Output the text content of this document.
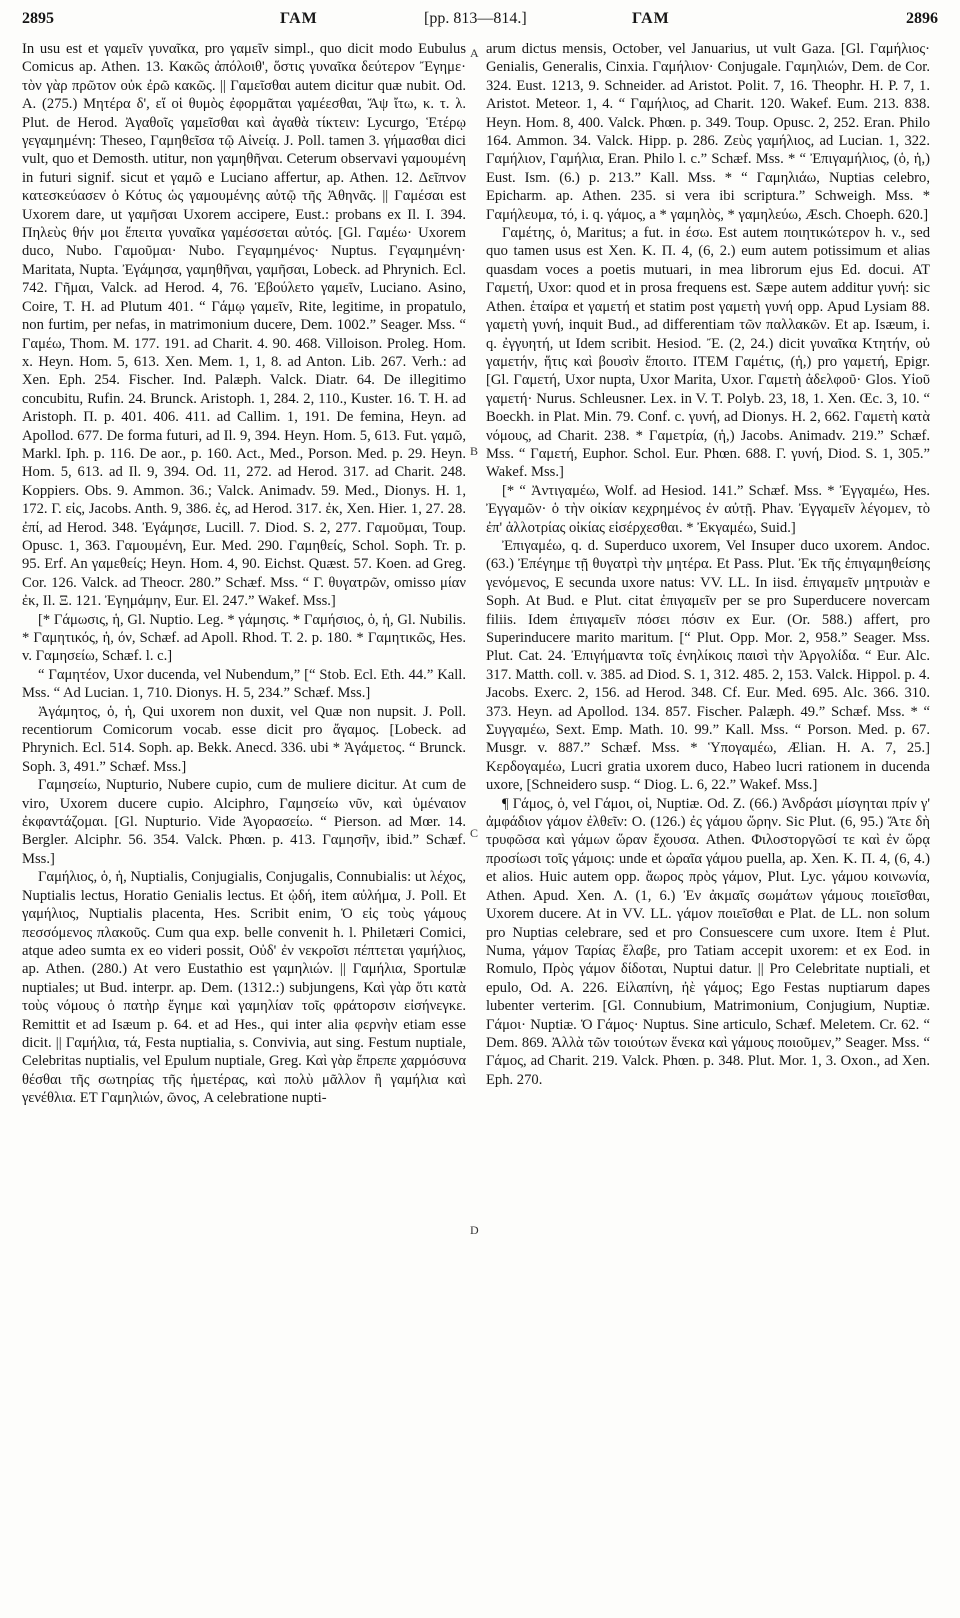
2895	ΓΑΜ	[pp. 813—814.]	ΓΑΜ	2896

In usu est et γαμεῖν γυναῖκα, pro γαμεῖν simpl., quo dicit modo Eubulus Comicus ap. Athen. 13. Κακῶς ἀπόλοιθ', ὅστις γυναῖκα δεύτερον Ἔγημε· τὸν γὰρ πρῶτον οὐκ ἐρῶ κακῶς. || Γαμεῖσθαι autem dicitur quæ nubit. Od. A. (275.) Μητέρα δ', εἴ οἱ θυμὸς ἐφορμᾶται γαμέεσθαι, Ἄψ ἴτω, κ. τ. λ. Plut. de Herod. Ἀγαθοῖς γαμεῖσθαι καὶ ἀγαθὰ τίκτειν: Lycurgo, Ἑτέρῳ γεγαμημένη: Theseo, Γαμηθεῖσα τῷ Αἰνείᾳ. J. Poll. tamen 3. γήμασθαι dici vult, quo et Demosth. utitur, non γαμηθῆναι. Ceterum observavi γαμουμένη in futuri signif. sicut et γαμῶ e Luciano affertur, ap. Athen. 12. Δεῖπνον κατεσκεύασεν ὁ Κότυς ὡς γαμουμένης αὐτῷ τῆς Ἀθηνᾶς. || Γαμέσαι est Uxorem dare, ut γαμῆσαι Uxorem accipere, Eust.: probans ex Il. I. 394. Πηλεὺς θήν μοι ἔπειτα γυναῖκα γαμέσσεται αὐτός. [Gl. Γαμέω· Uxorem duco, Nubo. Γαμοῦμαι· Nubo. Γεγαμημένος· Nuptus. Γεγαμημένη· Maritata, Nupta. Ἐγάμησα, γαμηθῆναι, γαμῆσαι, Lobeck. ad Phrynich. Ecl. 742. Γῆμαι, Valck. ad Herod. 4, 76. Ἐβούλετο γαμεῖν, Luciano. Asino, Coire, T. H. ad Plutum 401. “ Γάμῳ γαμεῖν, Rite, legitime, in propatulo, non furtim, per nefas, in matrimonium ducere, Dem. 1002.” Seager. Mss. “ Γαμέω, Thom. M. 177. 191. ad Charit. 4. 90. 468. Villoison. Proleg. Hom. x. Heyn. Hom. 5, 613. Xen. Mem. 1, 1, 8. ad Anton. Lib. 267. Verh.: ad Xen. Eph. 254. Fischer. Ind. Palæph. Valck. Diatr. 64. De illegitimo concubitu, Rufin. 24. Brunck. Aristoph. 1, 284. 2, 110., Kuster. 16. T. H. ad Aristoph. Π. p. 401. 406. 411. ad Callim. 1, 191. De femina, Heyn. ad Apollod. 677. De forma futuri, ad Il. 9, 394. Heyn. Hom. 5, 613. Fut. γαμῶ, Markl. Iph. p. 116. De aor., p. 160. Act., Med., Porson. Med. p. 29. Heyn. Hom. 5, 613. ad Il. 9, 394. Od. 11, 272. ad Herod. 317. ad Charit. 248. Koppiers. Obs. 9. Ammon. 36.; Valck. Animadv. 59. Med., Dionys. H. 1, 172. Γ. εἰς, Jacobs. Anth. 9, 386. ἐς, ad Herod. 317. ἐκ, Xen. Hier. 1, 27. 28. ἐπί, ad Herod. 348. Ἐγάμησε, Lucill. 7. Diod. S. 2, 277. Γαμοῦμαι, Toup. Opusc. 1, 363. Γαμουμένη, Eur. Med. 290. Γαμηθείς, Schol. Soph. Tr. p. 95. Erf. An γαμεθείς; Heyn. Hom. 4, 90. Eichst. Quæst. 57. Koen. ad Greg. Cor. 126. Valck. ad Theocr. 280.” Schæf. Mss. “ Γ. θυγατρῶν, omisso μίαν ἐκ, Il. Ξ. 121. Ἐγημάμην, Eur. El. 247.” Wakef. Mss.]

[* Γάμωσις, ἡ, Gl. Nuptio. Leg. * γάμησις. * Γαμήσιος, ὁ, ἡ, Gl. Nubilis. * Γαμητικός, ἡ, όν, Schæf. ad Apoll. Rhod. T. 2. p. 180. * Γαμητικῶς, Hes. v. Γαμησείω, Schæf. l. c.]

“ Γαμητέον, Uxor ducenda, vel Nubendum,” [“ Stob. Ecl. Eth. 44.” Kall. Mss. “ Ad Lucian. 1, 710. Dionys. H. 5, 234.” Schæf. Mss.]

Ἀγάμητος, ὁ, ἡ, Qui uxorem non duxit, vel Quæ non nupsit. J. Poll. recentiorum Comicorum vocab. esse dicit pro ἄγαμος. [Lobeck. ad Phrynich. Ecl. 514. Soph. ap. Bekk. Anecd. 336. ubi * Ἀγάμετος. “ Brunck. Soph. 3, 491.” Schæf. Mss.]

Γαμησείω, Nupturio, Nubere cupio, cum de muliere dicitur. At cum de viro, Uxorem ducere cupio. Alciphro, Γαμησείω νῦν, καὶ ὑμέναιον ἐκφαντάζομαι. [Gl. Nupturio. Vide Ἀγορασείω. “ Pierson. ad Mœr. 14. Bergler. Alciphr. 56. 354. Valck. Phœn. p. 413. Γαμησῆν, ibid.” Schæf. Mss.]

Γαμήλιος, ὁ, ἡ, Nuptialis, Conjugialis, Conjugalis, Connubialis: ut λέχος, Nuptialis lectus, Horatio Genialis lectus. Et ᾠδή, item αὐλήμα, J. Poll. Et γαμήλιος, Nuptialis placenta, Hes. Scribit enim, Ὁ εἰς τοὺς γάμους πεσσόμενος πλακοῦς. Cum qua exp. belle convenit h. l. Philetæri Comici, atque adeo sumta ex eo videri possit, Οὐδ' ἐν νεκροῖσι πέπτεται γαμήλιος, ap. Athen. (280.) At vero Eustathio est γαμηλιών. || Γαμήλια, Sportulæ nuptiales; ut Bud. interpr. ap. Dem. (1312.:) subjungens, Καὶ γὰρ ὅτι κατὰ τοὺς νόμους ὁ πατὴρ ἔγημε καὶ γαμηλίαν τοῖς φράτορσιν εἰσήνεγκε. Remittit et ad Isæum p. 64. et ad Hes., qui inter alia φερνὴν etiam esse dicit. || Γαμήλια, τά, Festa nuptialia, s. Convivia, aut sing. Festum nuptiale, Celebritas nuptialis, vel Epulum nuptiale, Greg. Καὶ γὰρ ἔπρεπε χαρμόσυνα θέσθαι τῆς σωτηρίας τῆς ἡμετέρας, καὶ πολὺ μᾶλλον ἢ γαμήλια καὶ γενέθλια. ΕΤ Γαμηλιών, ῶνος, A celebratione nupti-

A
B
C
D

arum dictus mensis, October, vel Januarius, ut vult Gaza. [Gl. Γαμήλιος· Genialis, Generalis, Cinxia. Γαμήλιον· Conjugale. Γαμηλιών, Dem. de Cor. 324. Eust. 1213, 9. Schneider. ad Aristot. Polit. 7, 16. Theophr. H. P. 7, 1. Aristot. Meteor. 1, 4. “ Γαμήλιος, ad Charit. 120. Wakef. Eum. 213. 838. Heyn. Hom. 8, 400. Valck. Phœn. p. 349. Toup. Opusc. 2, 252. Eran. Philo 164. Ammon. 34. Valck. Hipp. p. 286. Ζεὺς γαμήλιος, ad Lucian. 1, 322. Γαμήλιον, Γαμήλια, Eran. Philo l. c.” Schæf. Mss. * “ Ἐπιγαμήλιος, (ὁ, ἡ,) Eust. Ism. (6.) p. 213.” Kall. Mss. * “ Γαμηλιάω, Nuptias celebro, Epicharm. ap. Athen. 235. si vera ibi scriptura.” Schweigh. Mss. * Γαμήλευμα, τό, i. q. γάμος, a * γαμηλὸς, * γαμηλεύω, Æsch. Choeph. 620.]

Γαμέτης, ὁ, Maritus; a fut. in έσω. Est autem ποιητικώτερον h. v., sed quo tamen usus est Xen. K. Π. 4, (6, 2.) eum autem potissimum et alias quasdam voces a poetis mutuari, in mea librorum ejus Ed. docui. ΑΤ Γαμετή, Uxor: quod et in prosa frequens est. Sæpe autem additur γυνή: sic Athen. ἑταίρα et γαμετή et statim post γαμετὴ γυνή opp. Apud Lysiam 88. γαμετὴ γυνή, inquit Bud., ad differentiam τῶν παλλακῶν. Et ap. Isæum, i. q. ἐγγυητή, ut Idem scribit. Hesiod. Ἔ. (2, 24.) dicit γυναῖκα Κτητήν, οὐ γαμετήν, ἥτις καὶ βουσὶν ἕποιτο. ΙΤΕΜ Γαμέτις, (ἡ,) pro γαμετή, Epigr. [Gl. Γαμετή, Uxor nupta, Uxor Marita, Uxor. Γαμετὴ ἀδελφοῦ· Glos. Υἱοῦ γαμετή· Nurus. Schleusner. Lex. in V. T. Polyb. 23, 18, 1. Xen. Œc. 3, 10. “ Boeckh. in Plat. Min. 79. Conf. c. γυνή, ad Dionys. H. 2, 662. Γαμετὴ κατὰ νόμους, ad Charit. 238. * Γαμετρία, (ἡ,) Jacobs. Animadv. 219.” Schæf. Mss. “ Γαμετή, Euphor. Schol. Eur. Phœn. 688. Γ. γυνή, Diod. S. 1, 305.” Wakef. Mss.]

[* “ Ἀντιγαμέω, Wolf. ad Hesiod. 141.” Schæf. Mss. * Ἐγγαμέω, Hes. Ἐγγαμῶν· ὁ τὴν οἰκίαν κεχρημένος ἐν αὐτῇ. Phav. Ἐγγαμεῖν λέγομεν, τὸ ἐπ' ἀλλοτρίας οἰκίας εἰσέρχεσθαι. * Ἐκγαμέω, Suid.]

Ἐπιγαμέω, q. d. Superduco uxorem, Vel Insuper duco uxorem. Andoc. (63.) Ἐπέγημε τῇ θυγατρὶ τὴν μητέρα. Et Pass. Plut. Ἐκ τῆς ἐπιγαμηθείσης γενόμενος, E secunda uxore natus: VV. LL. In iisd. ἐπιγαμεῖν μητρυιὰν e Soph. At Bud. e Plut. citat ἐπιγαμεῖν per se pro Superducere novercam filiis. Idem ἐπιγαμεῖν πόσει πόσιν ex Eur. (Or. 588.) affert, pro Superinducere marito maritum. [“ Plut. Opp. Mor. 2, 958.” Seager. Mss. Plut. Cat. 24. Ἐπιγήμαντα τοῖς ἐνηλίκοις παισὶ τὴν Ἀργολίδα. “ Eur. Alc. 317. Matth. coll. v. 385. ad Diod. S. 1, 312. 485. 2, 153. Valck. Hippol. p. 4. Jacobs. Exerc. 2, 156. ad Herod. 348. Cf. Eur. Med. 695. Alc. 366. 310. 373. Heyn. ad Apollod. 134. 857. Fischer. Palæph. 49.” Schæf. Mss. * “ Συγγαμέω, Sext. Emp. Math. 10. 99.” Kall. Mss. “ Porson. Med. p. 67. Musgr. v. 887.” Schæf. Mss. * Ὑπογαμέω, Ælian. H. A. 7, 25.] Κερδογαμέω, Lucri gratia uxorem duco, Habeo lucri rationem in ducenda uxore, [Schneidero susp. “ Diog. L. 6, 22.” Wakef. Mss.]

¶ Γάμος, ὁ, vel Γάμοι, οἱ, Nuptiæ. Od. Z. (66.) Ἀνδράσι μίσγηται πρίν γ' ἀμφάδιον γάμον ἐλθεῖν: O. (126.) ἐς γάμου ὥρην. Sic Plut. (6, 95.) Ἅτε δὴ τρυφῶσα καὶ γάμων ὥραν ἔχουσα. Athen. Φιλοστοργῶσί τε καὶ ἐν ὥρᾳ προσίωσι τοῖς γάμοις: unde et ὡραῖα γάμου puella, ap. Xen. K. Π. 4, (6, 4.) et alios. Huic autem opp. ἄωρος πρὸς γάμον, Plut. Lyc. γάμου κοινωνία, Athen. Apud. Xen. Λ. (1, 6.) Ἐν ἀκμαῖς σωμάτων γάμους ποιεῖσθαι, Uxorem ducere. At in VV. LL. γάμον ποιεῖσθαι e Plat. de LL. non solum pro Nuptias celebrare, sed et pro Consuescere cum uxore. Item ἑ Plut. Numa, γάμον Ταρίας ἔλαβε, pro Tatiam accepit uxorem: et ex Eod. in Romulo, Πρὸς γάμον δίδοται, Nuptui datur. || Pro Celebritate nuptiali, et epulo, Od. A. 226. Εἰλαπίνη, ἠὲ γάμος; Ego Festas nuptiarum dapes lubenter verterim. [Gl. Connubium, Matrimonium, Conjugium, Nuptiæ. Γάμοι· Nuptiæ. Ὁ Γάμος· Nuptus. Sine articulo, Schæf. Meletem. Cr. 62. “ Dem. 869. Ἀλλὰ τῶν τοιούτων ἕνεκα καὶ γάμους ποιοῦμεν,” Seager. Mss. “ Γάμος, ad Charit. 219. Valck. Phœn. p. 348. Plut. Mor. 1, 3. Oxon., ad Xen. Eph. 270.
